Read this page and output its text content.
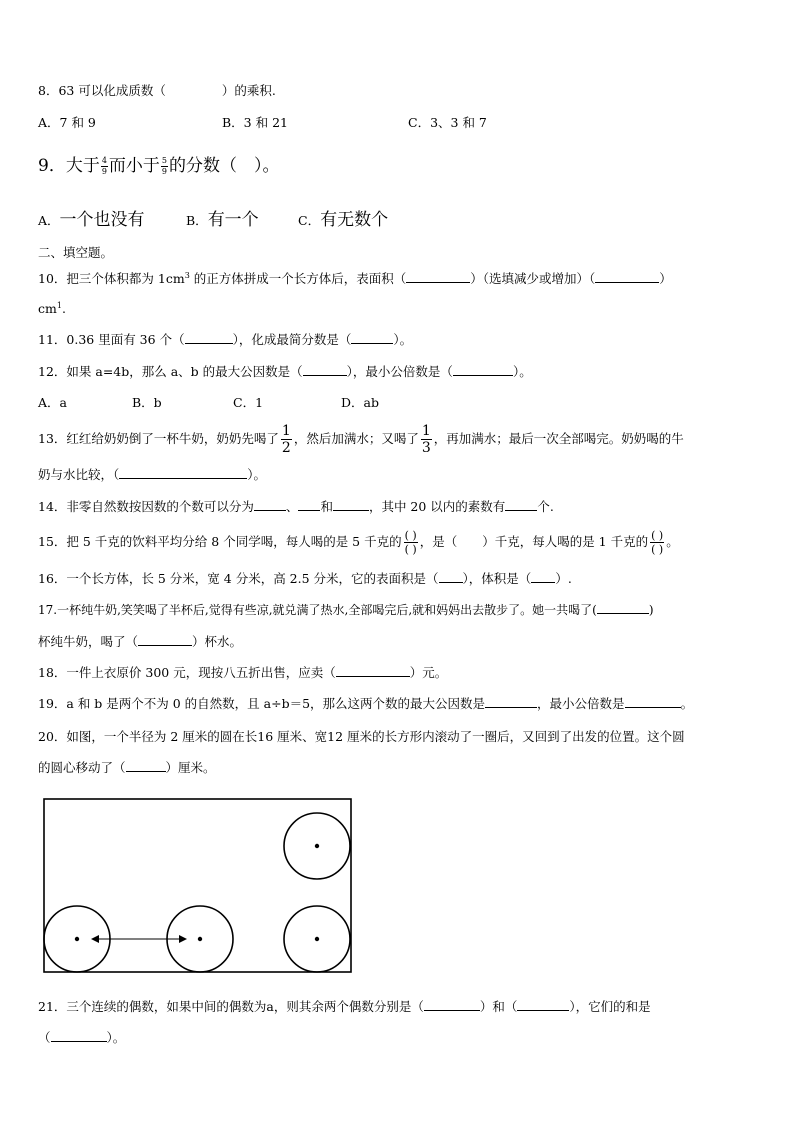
8．63 可以化成质数（	）的乘积.
A．7 和 9	B．3 和 21	C．3、3 和 7
9．大于 $\frac{4}{9}$ 而小于 $\frac{5}{9}$ 的分数（　）。
A．一个也没有	B．有一个	C．有无数个
二、填空题。
10．把三个体积都为 $1cm^3$ 的正方体拼成一个长方体后，表面积（	）（选填减少或增加）（	）
$cm^1$.
11．0.36 里面有 36 个（	），化成最简分数是（	）。
12．如果 a=4b，那么 a、b 的最大公因数是（	），最小公倍数是（	）。
A．a	B．b	C．1	D．ab
13．红红给奶奶倒了一杯牛奶，奶奶先喝了 $\frac{1}{2}$ ，然后加满水；又喝了 $\frac{1}{3}$ ，再加满水；最后一次全部喝完。奶奶喝的牛
奶与水比较，（	）。
14．非零自然数按因数的个数可以分为	、 和	，其中 20 以内的素数有	个.
15．把 5 千克的饮料平均分给 8 个同学喝，每人喝的是 5 千克的 $\frac{( )}{( )}$ ，是（　　）千克，每人喝的是 1 千克的 $\frac{( )}{( )}$ 。
16．一个长方体，长 5 分米，宽 4 分米，高 2.5 分米，它的表面积是（ ），体积是（ ）.
17.一杯纯牛奶,笑笑喝了半杯后,觉得有些凉,就兑满了热水,全部喝完后,就和妈妈出去散步了。她一共喝了(	)
杯纯牛奶，喝了（	）杯水。
18．一件上衣原价 300 元，现按八五折出售，应卖（	）元。
19．a 和 b 是两个不为 0 的自然数，且 a÷b＝5，那么这两个数的最大公因数是	，最小公倍数是	。
20．如图，一个半径为 2 厘米的圆在长16 厘米、宽12 厘米的长方形内滚动了一圈后，又回到了出发的位置。这个圆
的圆心移动了（	）厘米。
21．三个连续的偶数，如果中间的偶数为a，则其余两个偶数分别是（	）和（	），它们的和是
（	）。
